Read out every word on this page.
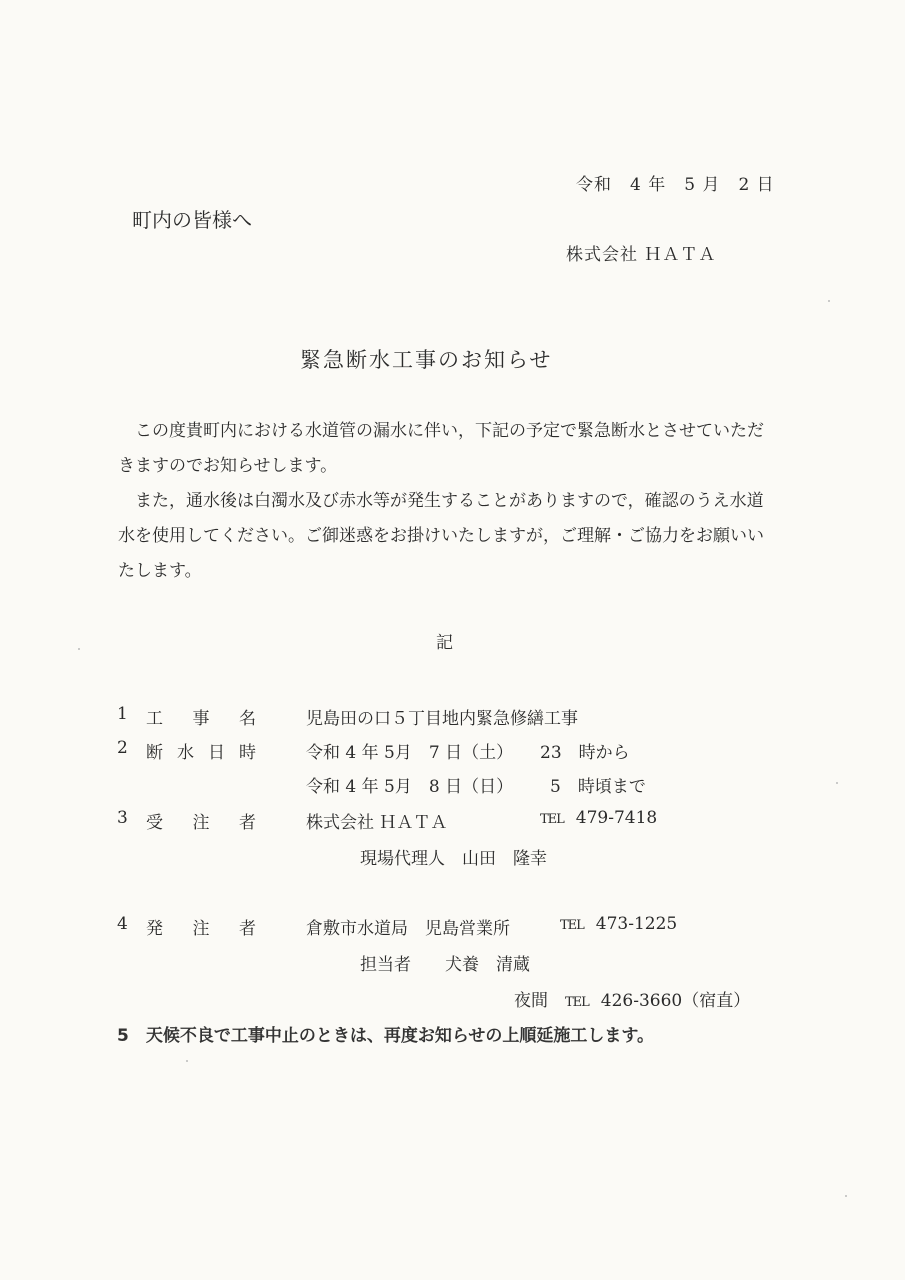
令和　4 年　5 月　2 日
町内の皆様へ
株式会社 ＨＡＴＡ
緊急断水工事のお知らせ
この度貴町内における水道管の漏水に伴い，下記の予定で緊急断水とさせていただ
きますのでお知らせします。
また，通水後は白濁水及び赤水等が発生することがありますので，確認のうえ水道
水を使用してください。ご御迷惑をお掛けいたしますが，ご理解・ご協力をお願いい
たします。
記
1 工 事 名	児島田の口５丁目地内緊急修繕工事
2 断 水 日 時	令和 4 年 5月　7 日（土） 23　時から
令和 4 年 5月　8 日（日） 5　時頃まで
3 受 注 者	株式会社 ＨＡＴＡ	TEL 479-7418
現場代理人　山田　隆幸
4 発 注 者	倉敷市水道局　児島営業所	TEL 473-1225
担当者　　犬養　清蔵
夜間　 TEL 426-3660（宿直）
5　 天候不良で工事中止のときは、再度お知らせの上順延施工します。
